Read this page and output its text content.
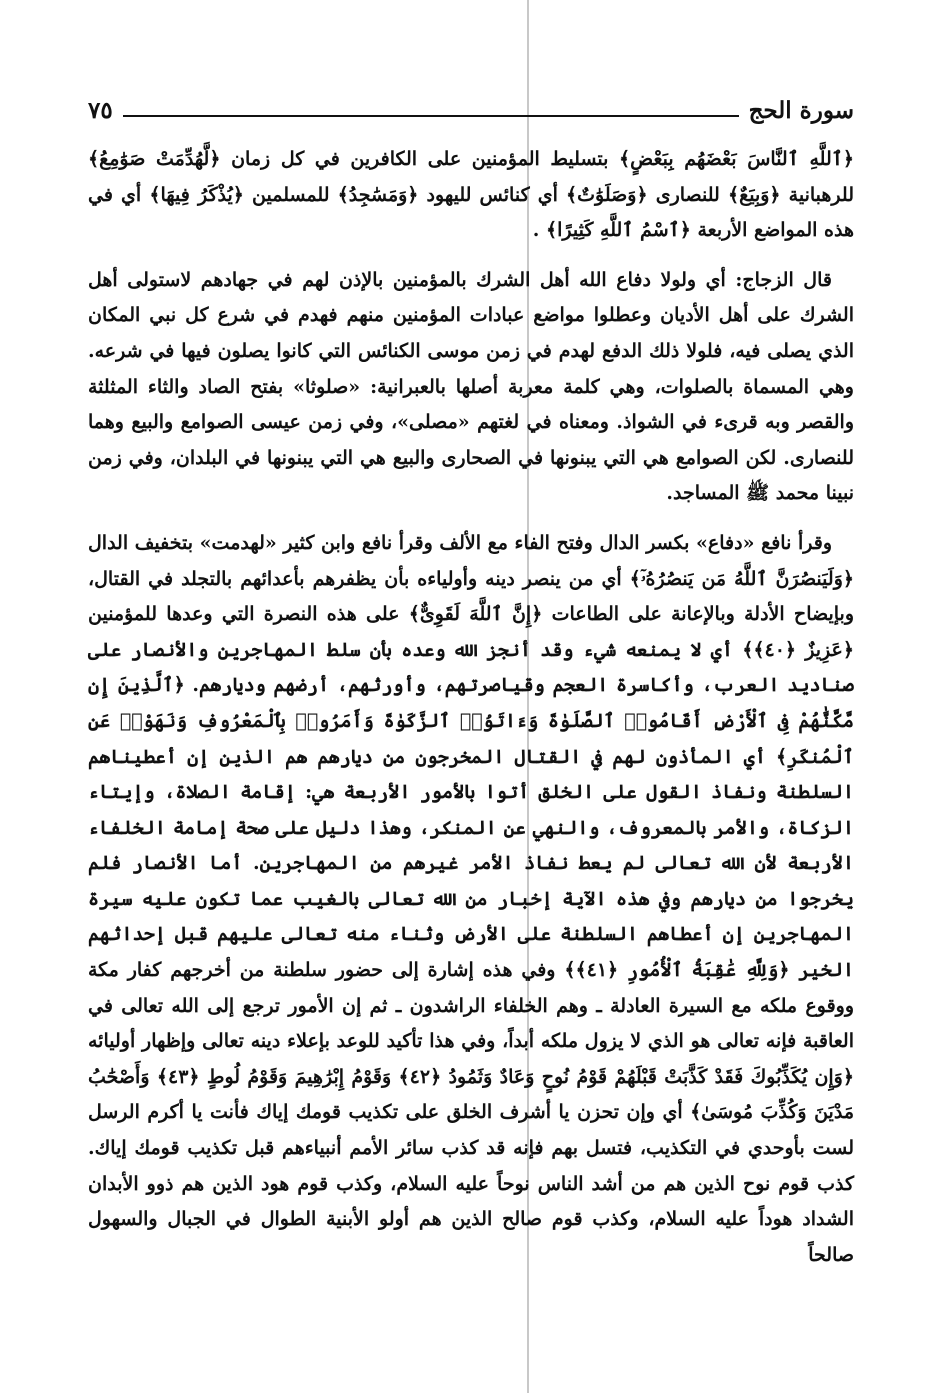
سورة الحج
٧٥

﴿ٱللَّهِ ٱلنَّاسَ بَعْضَهُم بِبَعْضٍ﴾ بتسليط المؤمنين على الكافرين في كل زمان ﴿لَّهُدِّمَتْ صَوَٰمِعُ﴾ للرهبانية ﴿وَبِيَعٌ﴾ للنصارى ﴿وَصَلَوَٰتٌ﴾ أي كنائس لليهود ﴿وَمَسَٰجِدُ﴾ للمسلمين ﴿يُذْكَرُ فِيهَا﴾ أي في هذه المواضع الأربعة ﴿ٱسْمُ ٱللَّهِ كَثِيرًا﴾ .

قال الزجاج: أي ولولا دفاع الله أهل الشرك بالمؤمنين بالإذن لهم في جهادهم لاستولى أهل الشرك على أهل الأديان وعطلوا مواضع عبادات المؤمنين منهم فهدم في شرع كل نبي المكان الذي يصلى فيه، فلولا ذلك الدفع لهدم في زمن موسى الكنائس التي كانوا يصلون فيها في شرعه. وهي المسماة بالصلوات، وهي كلمة معربة أصلها بالعبرانية: «صلوثا» بفتح الصاد والثاء المثلثة والقصر وبه قرىء في الشواذ. ومعناه في لغتهم «مصلى»، وفي زمن عيسى الصوامع والبيع وهما للنصارى. لكن الصوامع هي التي يبنونها في الصحارى والبيع هي التي يبنونها في البلدان، وفي زمن نبينا محمد ﷺ المساجد.

وقرأ نافع «دفاع» بكسر الدال وفتح الفاء مع الألف وقرأ نافع وابن كثير «لهدمت» بتخفيف الدال ﴿وَلَيَنصُرَنَّ ٱللَّهُ مَن يَنصُرُهُۥٓ﴾ أي من ينصر دينه وأولياءه بأن يظفرهم بأعدائهم بالتجلد في القتال، وبإيضاح الأدلة وبالإعانة على الطاعات ﴿إِنَّ ٱللَّهَ لَقَوِىٌّ﴾ على هذه النصرة التي وعدها للمؤمنين ﴿عَزِيزٌ ﴿٤٠﴾﴾ أي لا يمنعه شيء وقد أنجز الله وعده بأن سلط المهاجرين والأنصار على صناديد العرب، وأكاسرة العجم وقياصرتهم، وأورثهم، أرضهم وديارهم. ﴿ٱلَّذِينَ إِن مَّكَّنَّٰهُمْ فِى ٱلْأَرْضِ أَقَامُوا۟ ٱلصَّلَوٰةَ وَءَاتَوُا۟ ٱلزَّكَوٰةَ وَأَمَرُوا۟ بِٱلْمَعْرُوفِ وَنَهَوْا۟ عَنِ ٱلْمُنكَرِ﴾ أي المأذون لهم في القتال المخرجون من ديارهم هم الذين إن أعطيناهم السلطنة ونفاذ القول على الخلق أتوا بالأمور الأربعة هي: إقامة الصلاة، وإيتاء الزكاة، والأمر بالمعروف، والنهي عن المنكر، وهذا دليل على صحة إمامة الخلفاء الأربعة لأن الله تعالى لم يعط نفاذ الأمر غيرهم من المهاجرين. أما الأنصار فلم يخرجوا من ديارهم وفي هذه الآية إخبار من الله تعالى بالغيب عما تكون عليه سيرة المهاجرين إن أعطاهم السلطنة على الأرض وثناء منه تعالى عليهم قبل إحداثهم الخير ﴿وَلِلَّهِ عَٰقِبَةُ ٱلْأُمُورِ ﴿٤١﴾﴾ وفي هذه إشارة إلى حضور سلطنة من أخرجهم كفار مكة ووقوع ملكه مع السيرة العادلة ـ وهم الخلفاء الراشدون ـ ثم إن الأمور ترجع إلى الله تعالى في العاقبة فإنه تعالى هو الذي لا يزول ملكه أبداً، وفي هذا تأكيد للوعد بإعلاء دينه تعالى وإظهار أوليائه ﴿وَإِن يُكَذِّبُوكَ فَقَدْ كَذَّبَتْ قَبْلَهُمْ قَوْمُ نُوحٍ وَعَادٌ وَثَمُودُ ﴿٤٢﴾ وَقَوْمُ إِبْرَٰهِيمَ وَقَوْمُ لُوطٍ ﴿٤٣﴾ وَأَصْحَٰبُ مَدْيَنَ وَكُذِّبَ مُوسَىٰ﴾ أي وإن تحزن يا أشرف الخلق على تكذيب قومك إياك فأنت يا أكرم الرسل لست بأوحدي في التكذيب، فتسل بهم فإنه قد كذب سائر الأمم أنبياءهم قبل تكذيب قومك إياك. كذب قوم نوح الذين هم من أشد الناس نوحاً عليه السلام، وكذب قوم هود الذين هم ذوو الأبدان الشداد هوداً عليه السلام، وكذب قوم صالح الذين هم أولو الأبنية الطوال في الجبال والسهول صالحاً
